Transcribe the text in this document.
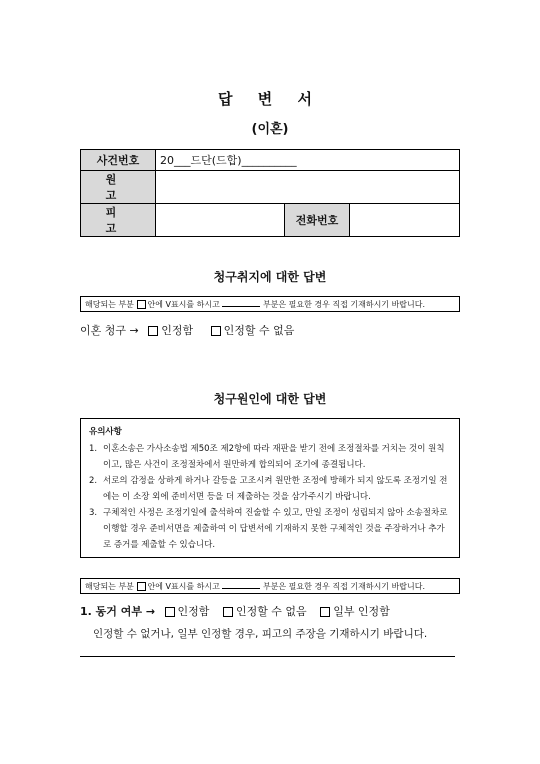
답 변 서
(이혼)
사건번호	20___드단(드합)__________		
원 고			
피 고		전화번호	
청구취지에 대한 답변
해당되는 부분 안에 V표시를 하시고	부분은 필요한 경우 직접 기재하시기 바랍니다.
이혼 청구 → 인정함	인정할 수 없음
청구원인에 대한 답변
유의사항
1. 이혼소송은 가사소송법 제50조 제2항에 따라 재판을 받기 전에 조정절차를 거치는 것이 원칙이고, 많은 사건이 조정절차에서 원만하게 합의되어 조기에 종결됩니다.
2. 서로의 감정을 상하게 하거나 갈등을 고조시켜 원만한 조정에 방해가 되지 않도록 조정기일 전에는 이 소장 외에 준비서면 등을 더 제출하는 것을 삼가주시기 바랍니다.
3. 구체적인 사정은 조정기일에 출석하여 진술할 수 있고, 만일 조정이 성립되지 않아 소송절차로 이행할 경우 준비서면을 제출하여 이 답변서에 기재하지 못한 구체적인 것을 주장하거나 추가로 증거를 제출할 수 있습니다.
해당되는 부분 안에 V표시를 하시고	부분은 필요한 경우 직접 기재하시기 바랍니다.
1. 동거 여부 → 인정함 인정할 수 없음 일부 인정함
인정할 수 없거나, 일부 인정할 경우, 피고의 주장을 기재하시기 바랍니다.
